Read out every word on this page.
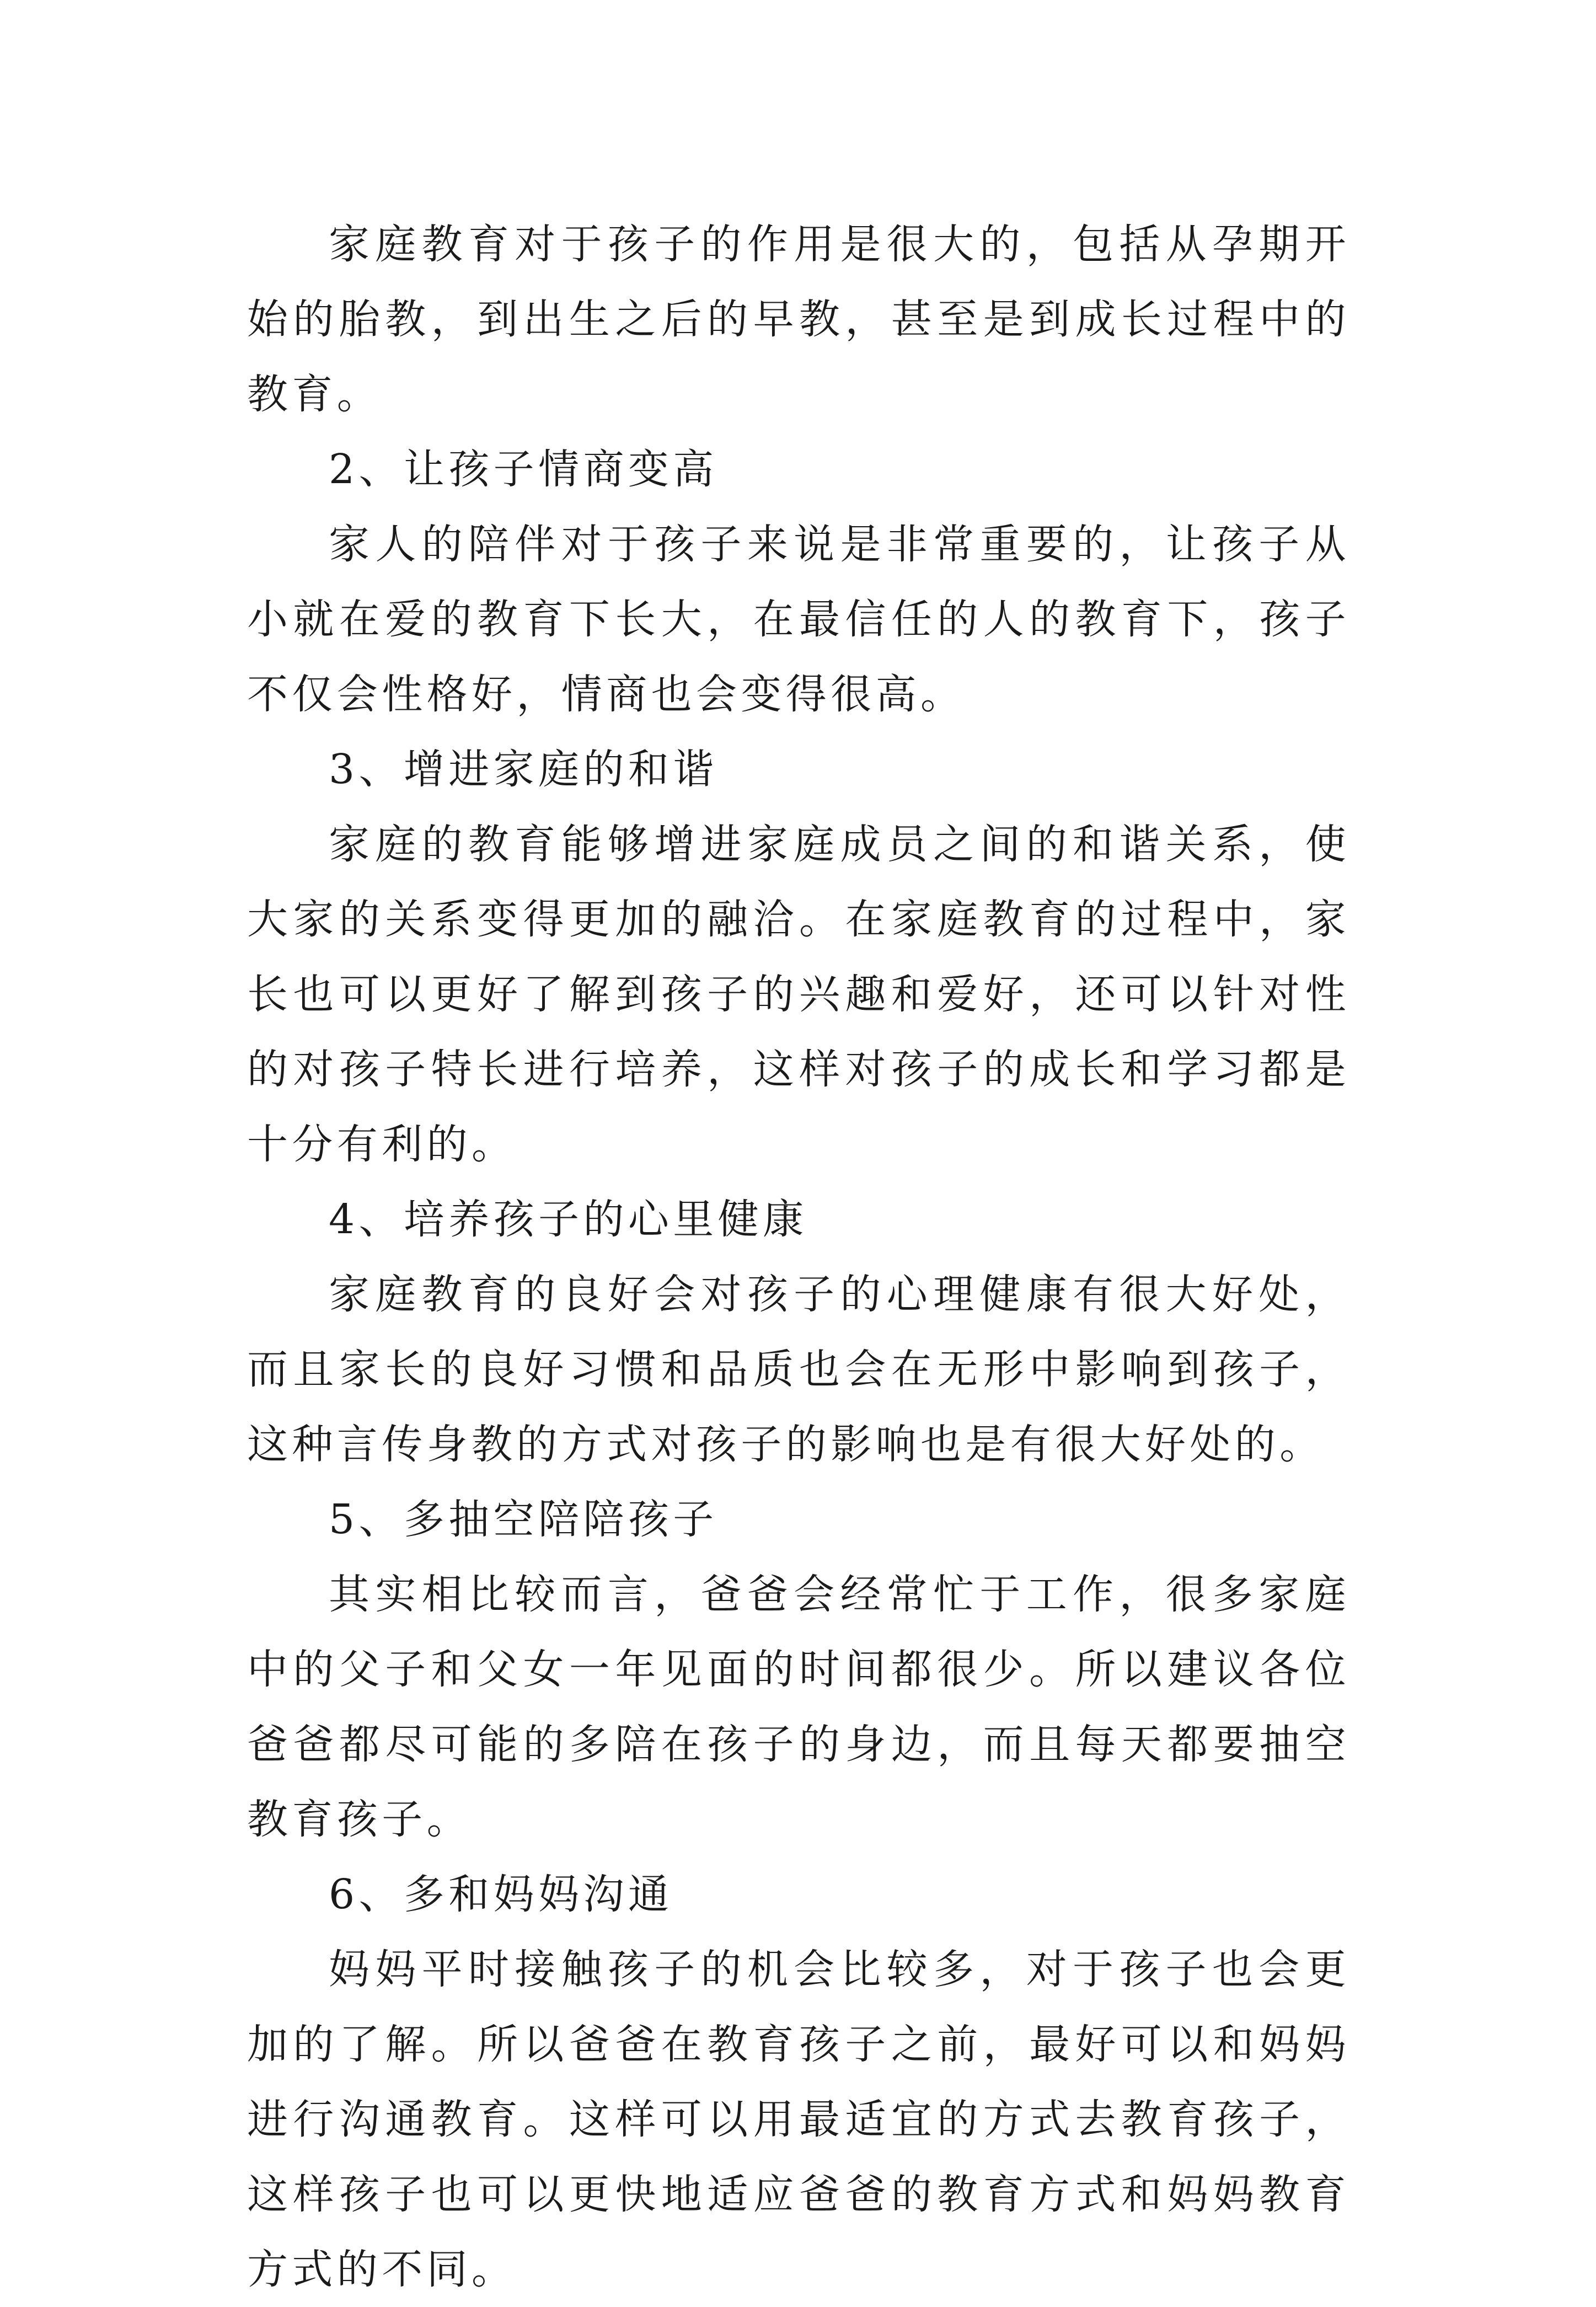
家庭教育对于孩子的作用是很大的，包括从孕期开始的胎教，到出生之后的早教，甚至是到成长过程中的教育。

2、让孩子情商变高

家人的陪伴对于孩子来说是非常重要的，让孩子从小就在爱的教育下长大，在最信任的人的教育下，孩子不仅会性格好，情商也会变得很高。

3、增进家庭的和谐

家庭的教育能够增进家庭成员之间的和谐关系，使大家的关系变得更加的融洽。在家庭教育的过程中，家长也可以更好了解到孩子的兴趣和爱好，还可以针对性的对孩子特长进行培养，这样对孩子的成长和学习都是十分有利的。

4、培养孩子的心里健康

家庭教育的良好会对孩子的心理健康有很大好处，而且家长的良好习惯和品质也会在无形中影响到孩子，这种言传身教的方式对孩子的影响也是有很大好处的。

5、多抽空陪陪孩子

其实相比较而言，爸爸会经常忙于工作，很多家庭中的父子和父女一年见面的时间都很少。所以建议各位爸爸都尽可能的多陪在孩子的身边，而且每天都要抽空教育孩子。

6、多和妈妈沟通

妈妈平时接触孩子的机会比较多，对于孩子也会更加的了解。所以爸爸在教育孩子之前，最好可以和妈妈进行沟通教育。这样可以用最适宜的方式去教育孩子，这样孩子也可以更快地适应爸爸的教育方式和妈妈教育方式的不同。
